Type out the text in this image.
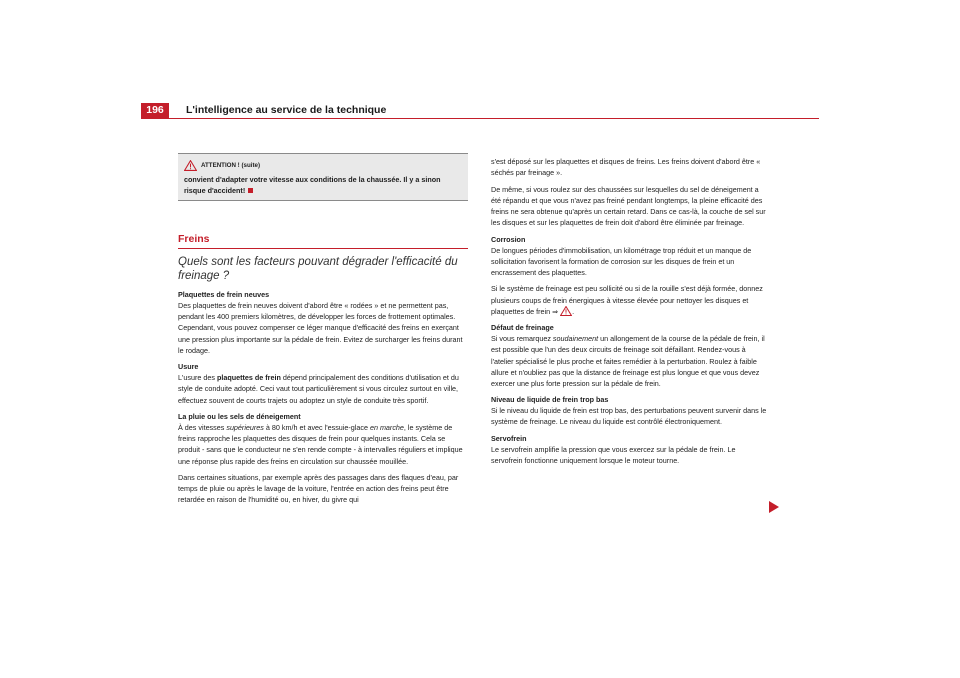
196	L'intelligence au service de la technique
ATTENTION ! (suite)
convient d'adapter votre vitesse aux conditions de la chaussée. Il y a sinon risque d'accident!
Freins
Quels sont les facteurs pouvant dégrader l'efficacité du freinage ?

Plaquettes de frein neuves

Des plaquettes de frein neuves doivent d'abord être « rodées » et ne permettent pas, pendant les 400 premiers kilomètres, de développer les forces de frottement optimales. Cependant, vous pouvez compenser ce léger manque d'efficacité des freins en exerçant une pression plus importante sur la pédale de frein. Evitez de surcharger les freins durant le rodage.

Usure

L'usure des plaquettes de frein dépend principalement des conditions d'utilisation et du style de conduite adopté. Ceci vaut tout particulièrement si vous circulez surtout en ville, effectuez souvent de courts trajets ou adoptez un style de conduite très sportif.

La pluie ou les sels de déneigement

À des vitesses supérieures à 80 km/h et avec l'essuie-glace en marche, le système de freins rapproche les plaquettes des disques de frein pour quelques instants. Cela se produit - sans que le conducteur ne s'en rende compte - à intervalles réguliers et implique une réponse plus rapide des freins en circulation sur chaussée mouillée.

Dans certaines situations, par exemple après des passages dans des flaques d'eau, par temps de pluie ou après le lavage de la voiture, l'entrée en action des freins peut être retardée en raison de l'humidité ou, en hiver, du givre qui

s'est déposé sur les plaquettes et disques de freins. Les freins doivent d'abord être « séchés par freinage ».

De même, si vous roulez sur des chaussées sur lesquelles du sel de déneigement a été répandu et que vous n'avez pas freiné pendant longtemps, la pleine efficacité des freins ne sera obtenue qu'après un certain retard. Dans ce cas-là, la couche de sel sur les disques et sur les plaquettes de frein doit d'abord être éliminée par freinage.

Corrosion

De longues périodes d'immobilisation, un kilométrage trop réduit et un manque de sollicitation favorisent la formation de corrosion sur les disques de frein et un encrassement des plaquettes.

Si le système de freinage est peu sollicité ou si de la rouille s'est déjà formée, donnez plusieurs coups de frein énergiques à vitesse élevée pour nettoyer les disques et plaquettes de frein ⇒ .

Défaut de freinage

Si vous remarquez soudainement un allongement de la course de la pédale de frein, il est possible que l'un des deux circuits de freinage soit défaillant. Rendez-vous à l'atelier spécialisé le plus proche et faites remédier à la perturbation. Roulez à faible allure et n'oubliez pas que la distance de freinage est plus longue et que vous devez exercer une plus forte pression sur la pédale de frein.

Niveau de liquide de frein trop bas

Si le niveau du liquide de frein est trop bas, des perturbations peuvent survenir dans le système de freinage. Le niveau du liquide est contrôlé électroniquement.

Servofrein

Le servofrein amplifie la pression que vous exercez sur la pédale de frein. Le servofrein fonctionne uniquement lorsque le moteur tourne.
